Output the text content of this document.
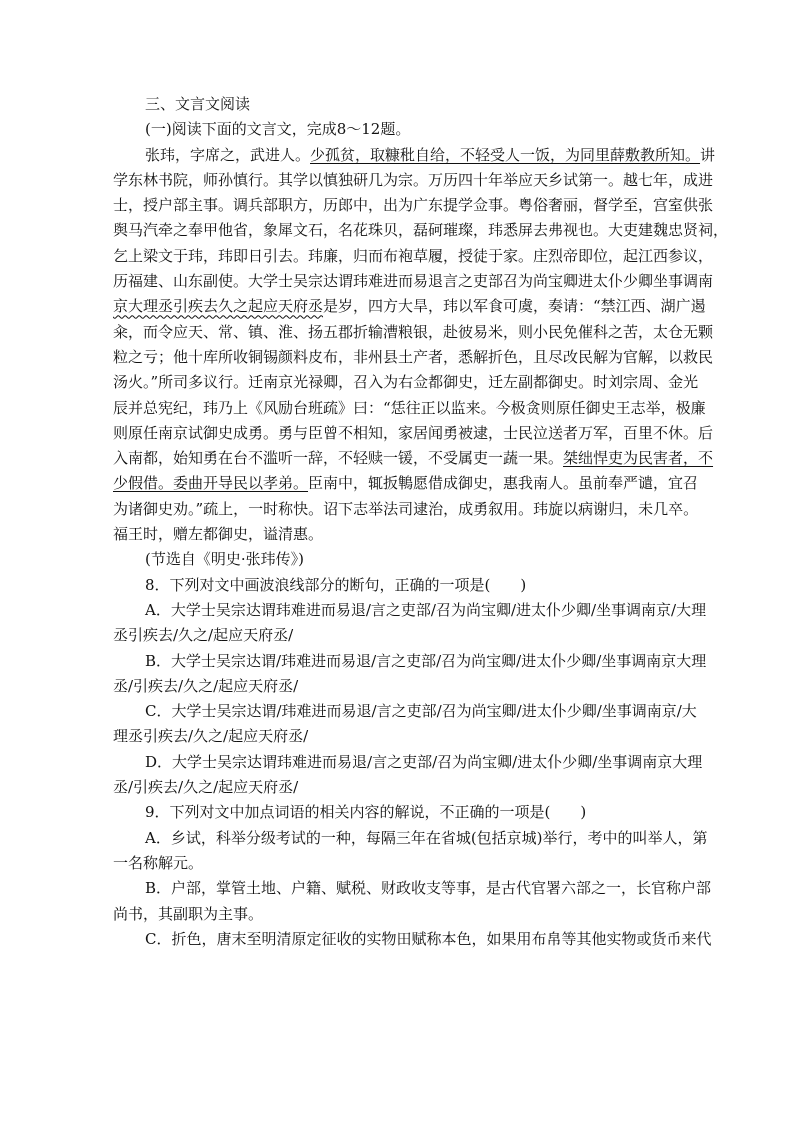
三、文言文阅读
(一)阅读下面的文言文，完成8～12题。
张玮，字席之，武进人。少孤贫，取糠秕自给，不轻受人一饭，为同里薛敷教所知。讲
学东林书院，师孙慎行。其学以慎独研几为宗。万历四十年举应天乡试第一。越七年，成进
士，授户部主事。调兵部职方，历郎中，出为广东提学佥事。粤俗奢丽，督学至，宫室供张
舆马汽牵之奉甲他省，象犀文石，名花珠贝，磊砢璀璨，玮悉屏去弗视也。大吏建魏忠贤祠，
乞上梁文于玮，玮即日引去。玮廉，归而布袍草履，授徒于家。庄烈帝即位，起江西参议，
历福建、山东副使。大学士吴宗达谓玮难进而易退言之吏部召为尚宝卿进太仆少卿坐事调南
京大理丞引疾去久之起应天府丞是岁，四方大旱，玮以军食可虞，奏请：“禁江西、湖广遏
籴，而令应天、常、镇、淮、扬五郡折输漕粮银，赴彼易米，则小民免催科之苦，太仓无颗
粒之亏；他十库所收铜锡颜料皮布，非州县土产者，悉解折色，且尽改民解为官解，以救民
汤火。”所司多议行。迁南京光禄卿，召入为右佥都御史，迁左副都御史。时刘宗周、金光
辰并总宪纪，玮乃上《风励台班疏》曰：“恁往正以监来。今极贪则原任御史王志举，极廉
则原任南京试御史成勇。勇与臣曾不相知，家居闻勇被逮，士民泣送者万军，百里不休。后
入南都，始知勇在台不滥听一辞，不轻赎一锾，不受属吏一蔬一果。桀绌悍吏为民害者，不
少假借。委曲开导民以孝弟。臣南中，辄扳鶽愿借成御史，惠我南人。虽前奉严谴，宜召
为诸御史劝。”疏上，一时称快。诏下志举法司逮治，成勇叙用。玮旋以病谢归，未几卒。
福王时，赠左都御史，谥清惠。
(节选自《明史·张玮传》)
8．下列对文中画波浪线部分的断句，正确的一项是(　　)
A．大学士吴宗达谓玮难进而易退/言之吏部/召为尚宝卿/进太仆少卿/坐事调南京/大理
丞引疾去/久之/起应天府丞/
B．大学士吴宗达谓/玮难进而易退/言之吏部/召为尚宝卿/进太仆少卿/坐事调南京大理
丞/引疾去/久之/起应天府丞/
C．大学士吴宗达谓/玮难进而易退/言之吏部/召为尚宝卿/进太仆少卿/坐事调南京/大
理丞引疾去/久之/起应天府丞/
D．大学士吴宗达谓玮难进而易退/言之吏部/召为尚宝卿/进太仆少卿/坐事调南京大理
丞/引疾去/久之/起应天府丞/
9．下列对文中加点词语的相关内容的解说，不正确的一项是(　　)
A．乡试，科举分级考试的一种，每隔三年在省城(包括京城)举行，考中的叫举人，第
一名称解元。
B．户部，掌管土地、户籍、赋税、财政收支等事，是古代官署六部之一，长官称户部
尚书，其副职为主事。
C．折色，唐末至明清原定征收的实物田赋称本色，如果用布帛等其他实物或货币来代
